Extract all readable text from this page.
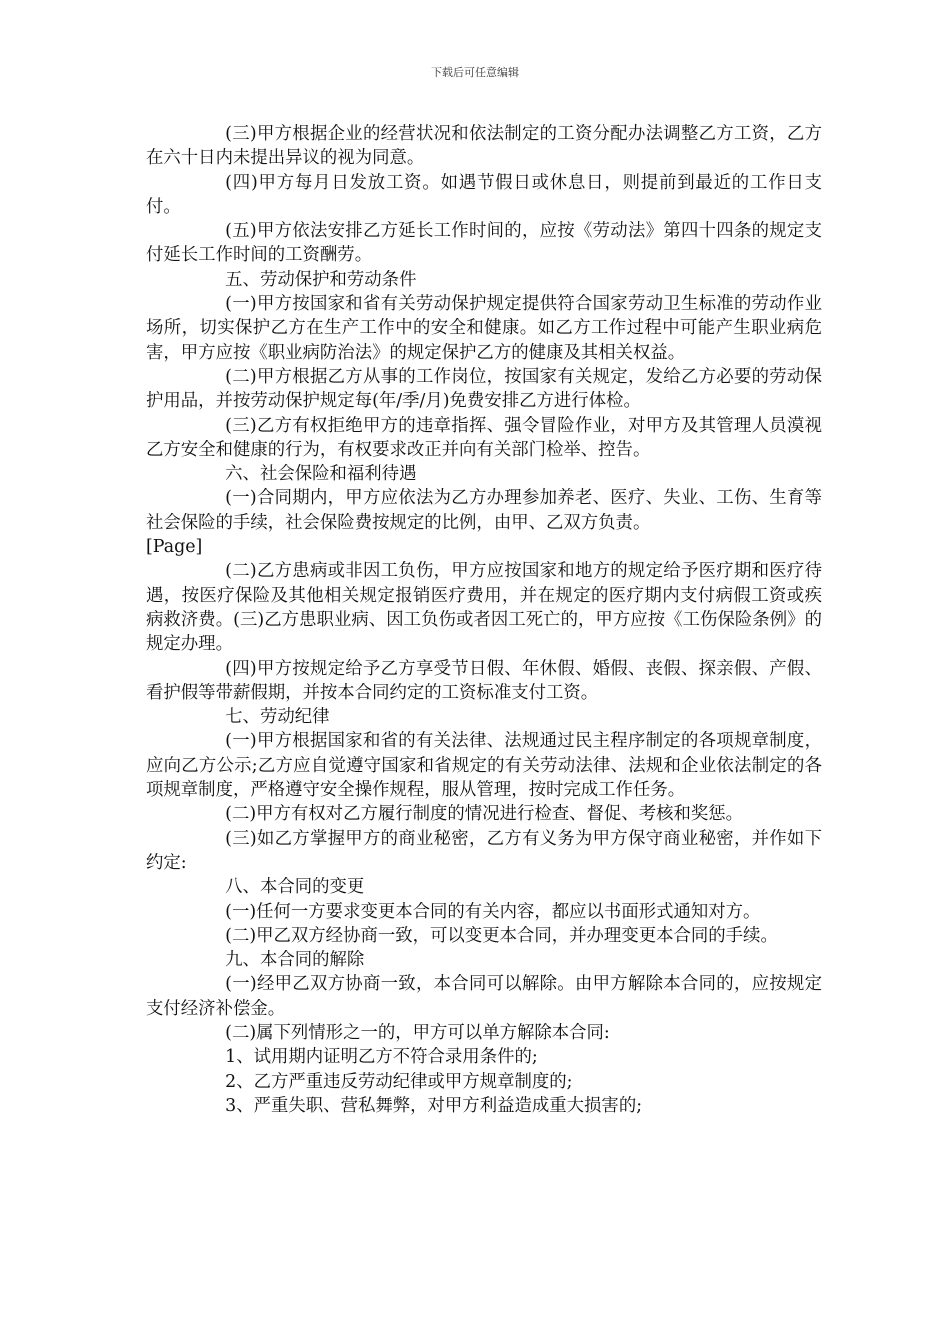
下载后可任意编辑

(三)甲方根据企业的经营状况和依法制定的工资分配办法调整乙方工资，乙方在六十日内未提出异议的视为同意。

(四)甲方每月日发放工资。如遇节假日或休息日，则提前到最近的工作日支付。

(五)甲方依法安排乙方延长工作时间的，应按《劳动法》第四十四条的规定支付延长工作时间的工资酬劳。

五、劳动保护和劳动条件

(一)甲方按国家和省有关劳动保护规定提供符合国家劳动卫生标准的劳动作业场所，切实保护乙方在生产工作中的安全和健康。如乙方工作过程中可能产生职业病危害，甲方应按《职业病防治法》的规定保护乙方的健康及其相关权益。

(二)甲方根据乙方从事的工作岗位，按国家有关规定，发给乙方必要的劳动保护用品，并按劳动保护规定每(年/季/月)免费安排乙方进行体检。

(三)乙方有权拒绝甲方的违章指挥、强令冒险作业，对甲方及其管理人员漠视乙方安全和健康的行为，有权要求改正并向有关部门检举、控告。

六、社会保险和福利待遇

(一)合同期内，甲方应依法为乙方办理参加养老、医疗、失业、工伤、生育等社会保险的手续，社会保险费按规定的比例，由甲、乙双方负责。

[Page]

(二)乙方患病或非因工负伤，甲方应按国家和地方的规定给予医疗期和医疗待遇，按医疗保险及其他相关规定报销医疗费用，并在规定的医疗期内支付病假工资或疾病救济费。(三)乙方患职业病、因工负伤或者因工死亡的，甲方应按《工伤保险条例》的规定办理。

(四)甲方按规定给予乙方享受节日假、年休假、婚假、丧假、探亲假、产假、看护假等带薪假期，并按本合同约定的工资标准支付工资。

七、劳动纪律

(一)甲方根据国家和省的有关法律、法规通过民主程序制定的各项规章制度，应向乙方公示;乙方应自觉遵守国家和省规定的有关劳动法律、法规和企业依法制定的各项规章制度，严格遵守安全操作规程，服从管理，按时完成工作任务。

(二)甲方有权对乙方履行制度的情况进行检查、督促、考核和奖惩。

(三)如乙方掌握甲方的商业秘密，乙方有义务为甲方保守商业秘密，并作如下约定:

八、本合同的变更

(一)任何一方要求变更本合同的有关内容，都应以书面形式通知对方。

(二)甲乙双方经协商一致，可以变更本合同，并办理变更本合同的手续。

九、本合同的解除

(一)经甲乙双方协商一致，本合同可以解除。由甲方解除本合同的，应按规定支付经济补偿金。

(二)属下列情形之一的，甲方可以单方解除本合同:

1、试用期内证明乙方不符合录用条件的;

2、乙方严重违反劳动纪律或甲方规章制度的;

3、严重失职、营私舞弊，对甲方利益造成重大损害的;
